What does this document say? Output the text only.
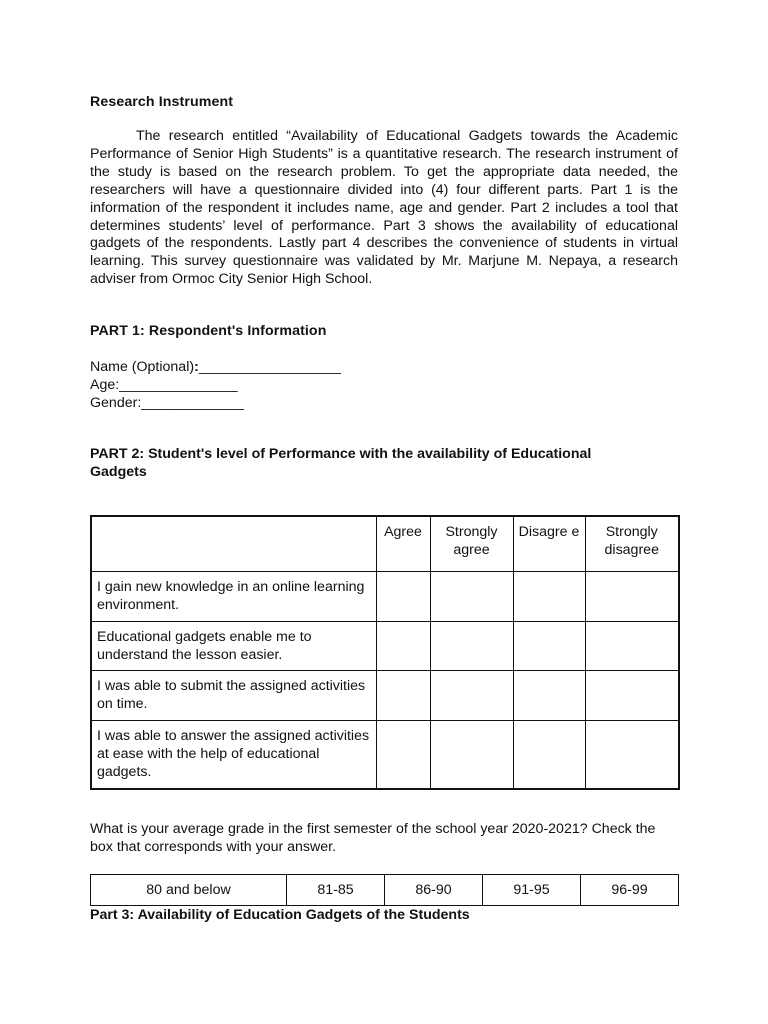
Research Instrument

The research entitled “Availability of Educational Gadgets towards the Academic Performance of Senior High Students” is a quantitative research. The research instrument of the study is based on the research problem. To get the appropriate data needed, the researchers will have a questionnaire divided into (4) four different parts. Part 1 is the information of the respondent it includes name, age and gender. Part 2 includes a tool that determines students’ level of performance. Part 3 shows the availability of educational gadgets of the respondents. Lastly part 4 describes the convenience of students in virtual learning. This survey questionnaire was validated by Mr. Marjune M. Nepaya, a research adviser from Ormoc City Senior High School.

PART 1: Respondent's Information
Name (Optional):__________________
Age:_______________
Gender:_____________
PART 2: Student's level of Performance with the availability of Educational Gadgets
	Agree	Strongly agree	Disagre e	Strongly disagree
I gain new knowledge in an online learning environment.				
Educational gadgets enable me to understand the lesson easier.				
I was able to submit the assigned activities on time.				
I was able to answer the assigned activities at ease with the help of educational gadgets.				
What is your average grade in the first semester of the school year 2020-2021? Check the box that corresponds with your answer.
80 and below	81-85	86-90	91-95	96-99
Part 3: Availability of Education Gadgets of the Students
